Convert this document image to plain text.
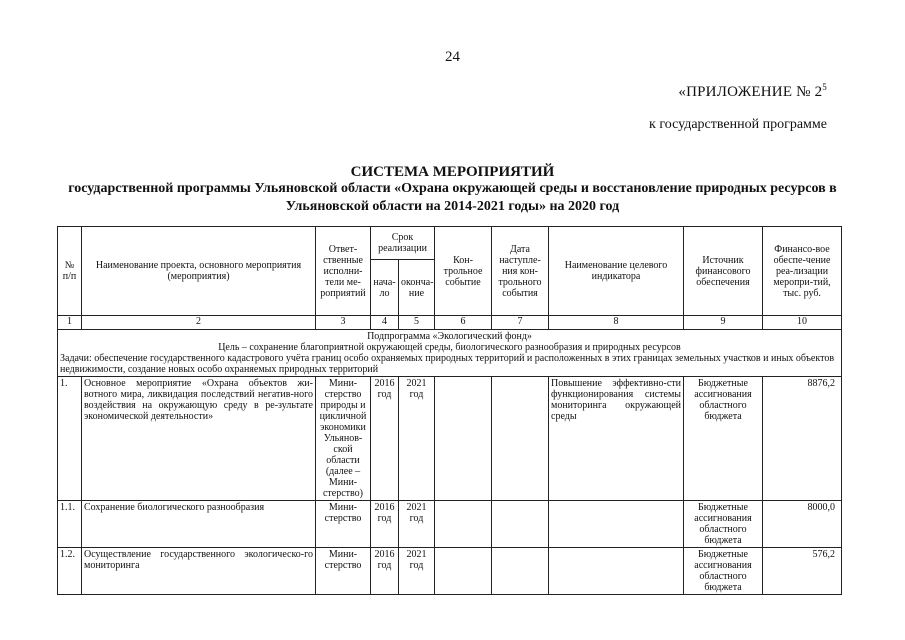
24
«ПРИЛОЖЕНИЕ № $2^5$
к государственной программе
СИСТЕМА МЕРОПРИЯТИЙ
государственной программы Ульяновской области «Охрана окружающей среды и восстановление природных ресурсов в Ульяновской области на 2014-2021 годы» на 2020 год
№ п/п	Наименование проекта, основного мероприятия (мероприятия)	Ответ-ственные исполни-тели ме-роприятий	Срок реализации		Кон-трольное событие	Дата наступле-ния кон-трольного события	Наименование целевого индикатора	Источник финансового обеспечения	Финансо-вое обеспе-чение реа-лизации меропри-тий, тыс. руб.
			нача-ло	оконча-ние					
1	2	3	4	5	6	7	8	9	10

Подпрограмма «Экологический фонд»
Цель – сохранение благоприятной окружающей среды, биологического разнообразия и природных ресурсов
Задачи: обеспечение государственного кадастрового учёта границ особо охраняемых природных территорий и расположенных в этих границах земельных участков и иных объектов недвижимости, создание новых особо охраняемых природных территорий									

1.	Основное мероприятие «Охрана объектов жи-вотного мира, ликвидация последствий негатив-ного воздействия на окружающую среду в ре-зультате экономической деятельности»	Мини-стерство природы и цикличной экономики Ульянов-ской области (далее – Мини-стерство)	2016 год	2021 год			Повышение эффективно-сти функционирования системы мониторинга окружающей среды	Бюджетные ассигнования областного бюджета	8876,2
1.1.	Сохранение биологического разнообразия	Мини-стерство	2016 год	2021 год				Бюджетные ассигнования областного бюджета	8000,0
1.2.	Осуществление государственного экологическо-го мониторинга	Мини-стерство	2016 год	2021 год				Бюджетные ассигнования областного бюджета	576,2
